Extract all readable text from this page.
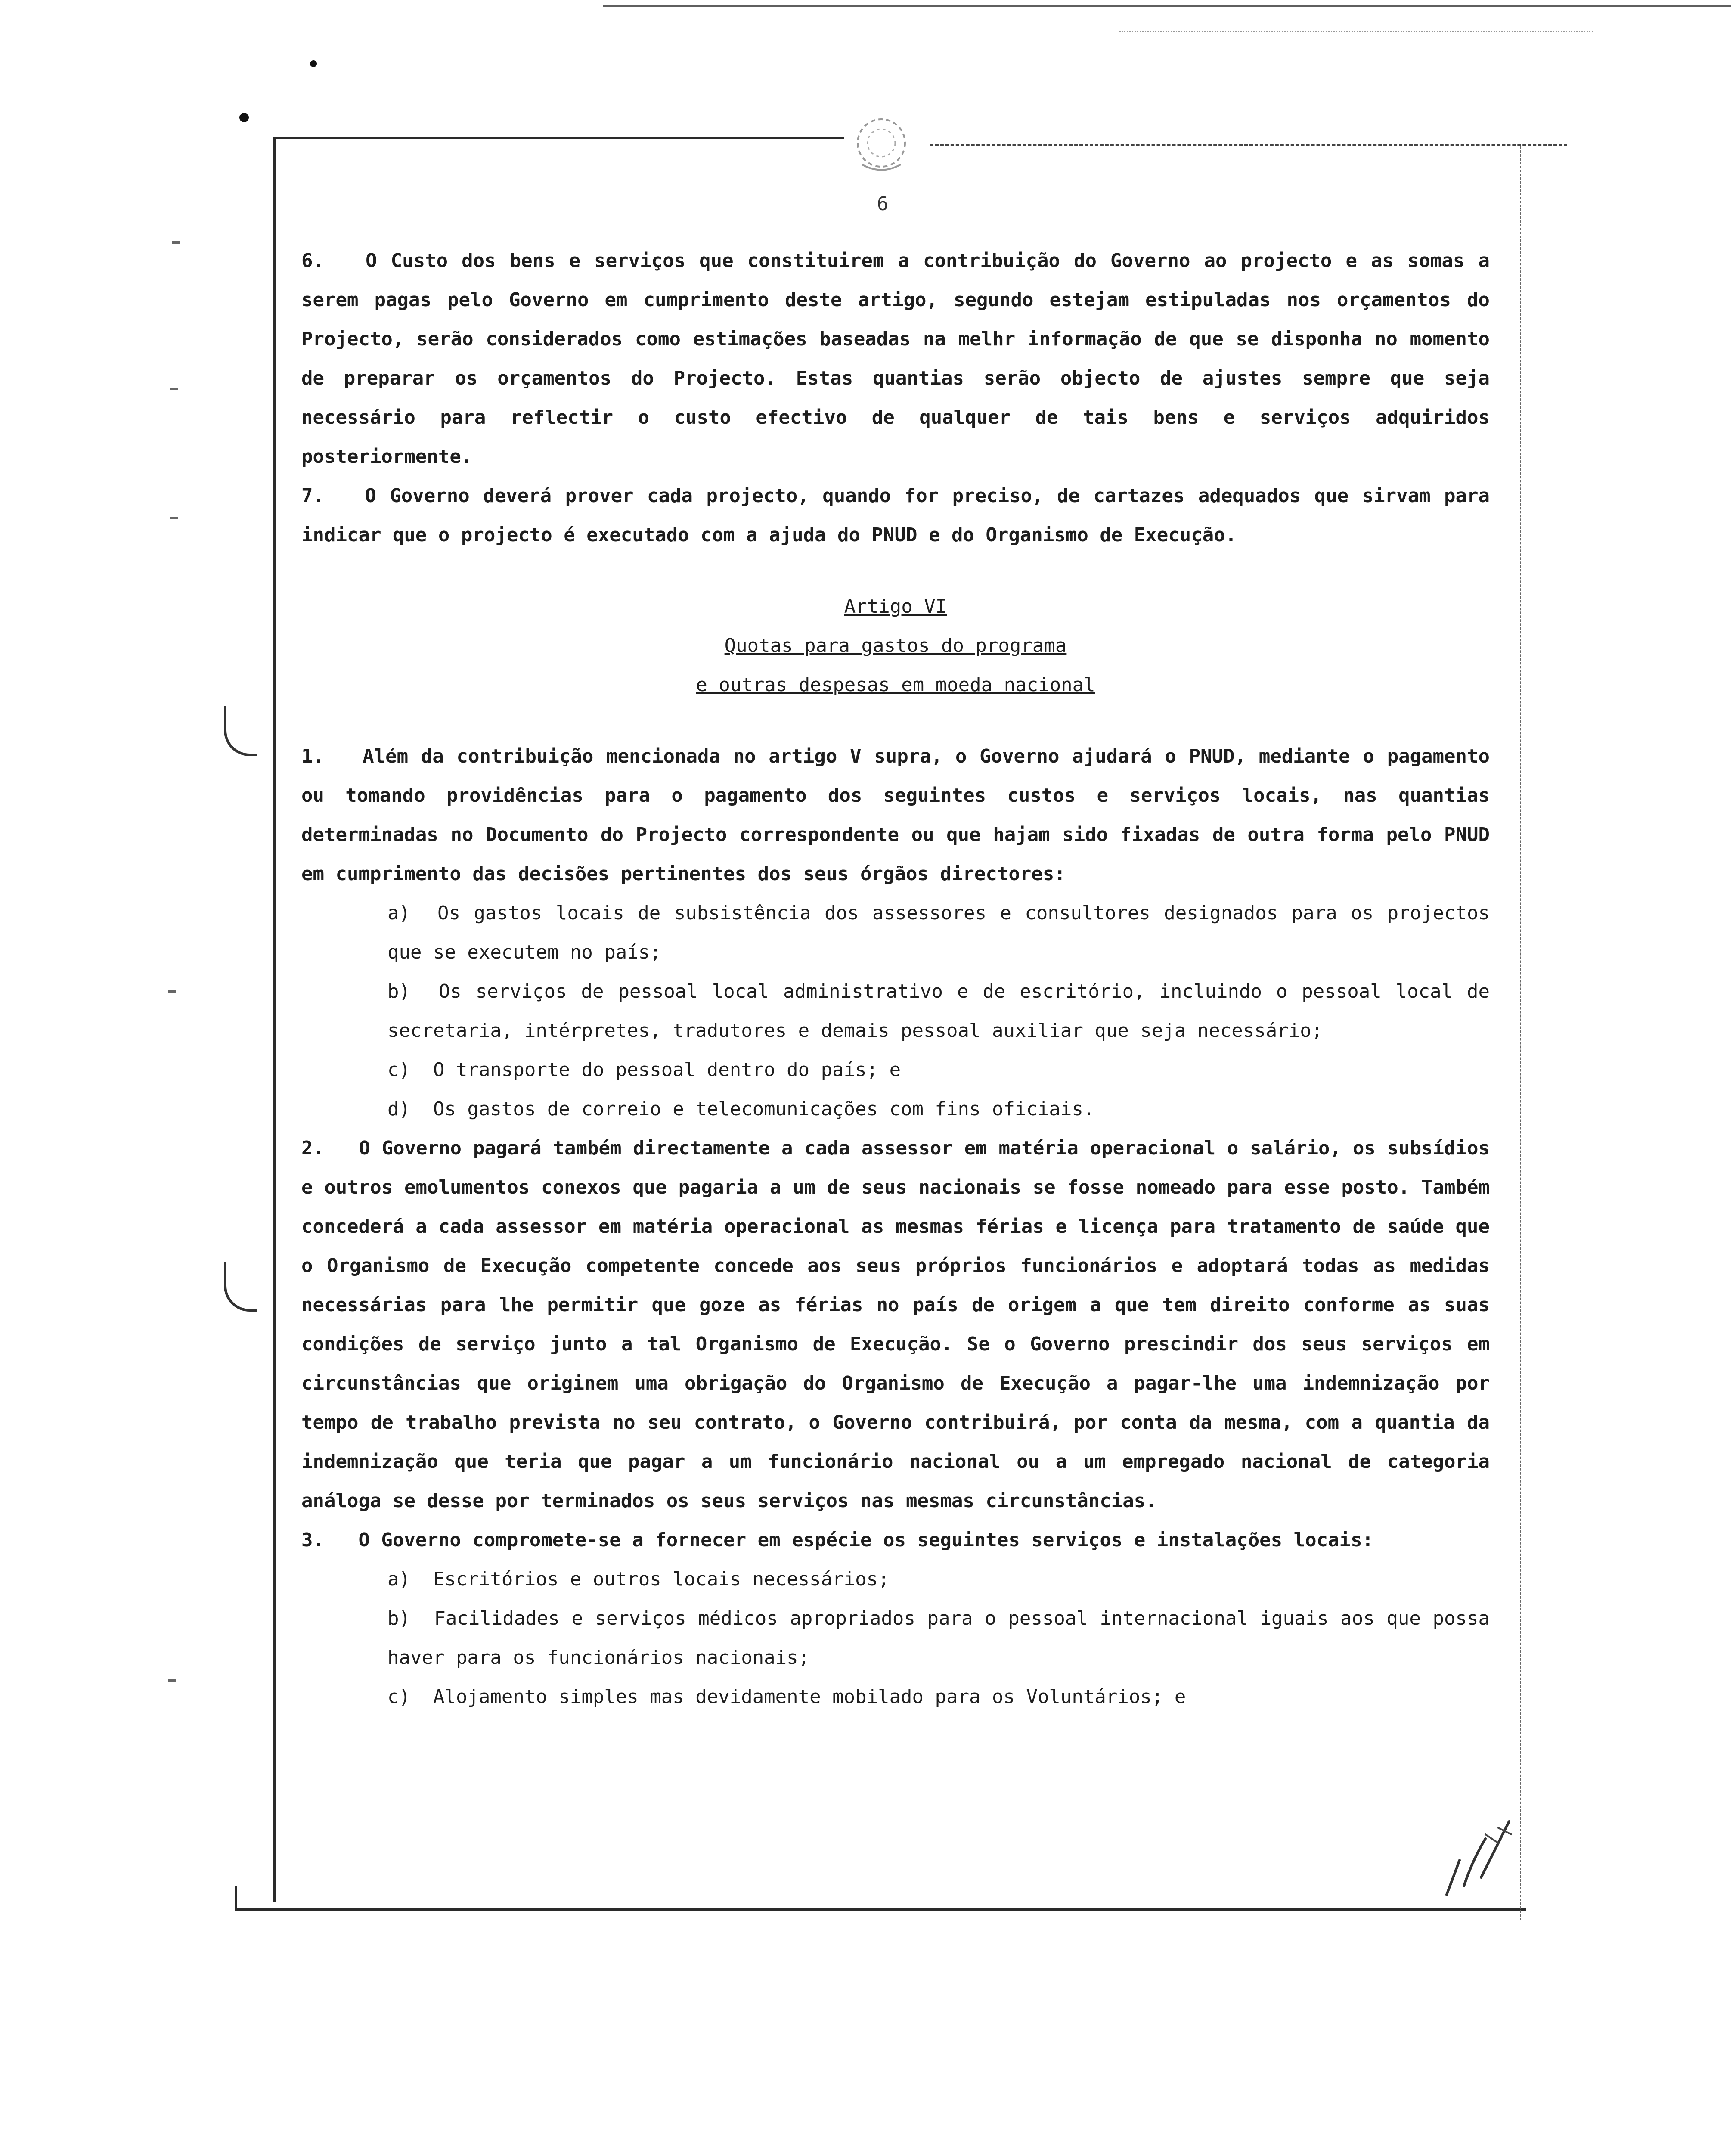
6

6.   O Custo dos bens e serviços que constituirem a contribuição do Governo ao projecto e as somas a serem pagas pelo Governo em cumprimento deste artigo, segundo estejam estipuladas nos orçamentos do Projecto, serão considerados como estimações baseadas na melhr informação de que se disponha no momento de preparar os orçamentos do Projecto. Estas quantias serão objecto de ajustes sempre que seja necessário para reflectir o custo efectivo de qualquer de tais bens e serviços adquiridos posteriormente.

7.   O Governo deverá prover cada projecto, quando for preciso, de cartazes adequados que sirvam para indicar que o projecto é executado com a ajuda do PNUD e do Organismo de Execução.

Artigo VI

Quotas para gastos do programa

e outras despesas em moeda nacional

1.   Além da contribuição mencionada no artigo V supra, o Governo ajudará o PNUD, mediante o pagamento ou tomando providências para o pagamento dos seguintes custos e serviços locais, nas quantias determinadas no Documento do Projecto correspondente ou que hajam sido fixadas de outra forma pelo PNUD em cumprimento das decisões pertinentes dos seus órgãos directores:

a)  Os gastos locais de subsistência dos assessores e consultores designados para os projectos que se executem no país;

b)  Os serviços de pessoal local administrativo e de escritório, incluindo o pessoal local de secretaria, intérpretes, tradutores e demais pessoal auxiliar que seja necessário;

c)  O transporte do pessoal dentro do país; e

d)  Os gastos de correio e telecomunicações com fins oficiais.

2.   O Governo pagará também directamente a cada assessor em matéria operacional o salário, os subsídios e outros emolumentos conexos que pagaria a um de seus nacionais se fosse nomeado para esse posto. Também concederá a cada assessor em matéria operacional as mesmas férias e licença para tratamento de saúde que o Organismo de Execução competente concede aos seus próprios funcionários e adoptará todas as medidas necessárias para lhe permitir que goze as férias no país de origem a que tem direito conforme as suas condições de serviço junto a tal Organismo de Execução. Se o Governo prescindir dos seus serviços em circunstâncias que originem uma obrigação do Organismo de Execução a pagar-lhe uma indemnização por tempo de trabalho prevista no seu contrato, o Governo contribuirá, por conta da mesma, com a quantia da indemnização que teria que pagar a um funcionário nacional ou a um empregado nacional de categoria análoga se desse por terminados os seus serviços nas mesmas circunstâncias.

3.   O Governo compromete-se a fornecer em espécie os seguintes serviços e instalações locais:

a)  Escritórios e outros locais necessários;

b)  Facilidades e serviços médicos apropriados para o pessoal internacional iguais aos que possa haver para os funcionários nacionais;

c)  Alojamento simples mas devidamente mobilado para os Voluntários; e
